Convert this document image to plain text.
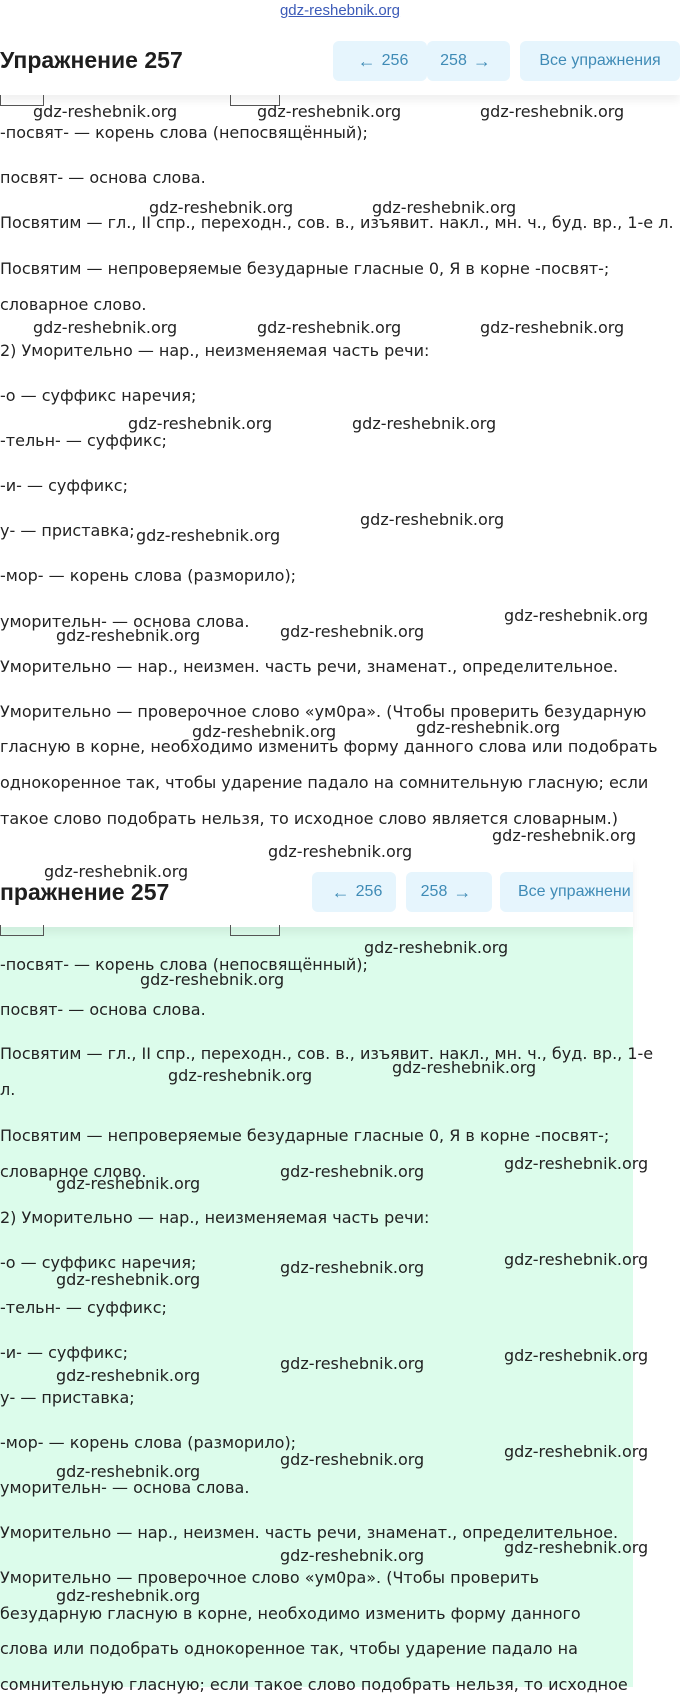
gdz-reshebnik.org
Упражнение 257	← 256 258 →	Все упражнения
-посвят- — корень слова (непосвящённый);
посвят- — основа слова.
Посвятим — гл., II спр., переходн., сов. в., изъявит. накл., мн. ч., буд. вр., 1-е л.
Посвятим — непроверяемые безударные гласные 0, Я в корне -посвят-;
словарное слово.
2) Уморительно — нар., неизменяемая часть речи:
-о — суффикс наречия;
-тельн- — суффикс;
-и- — суффикс;
у- — приставка;
-мор- — корень слова (разморило);
уморительн- — основа слова.
Уморительно — нар., неизмен. часть речи, знаменат., определительное.
Уморительно — проверочное слово «ум0ра». (Чтобы проверить безударную
гласную в корне, необходимо изменить форму данного слова или подобрать
однокоренное так, чтобы ударение падало на сомнительную гласную; если
такое слово подобрать нельзя, то исходное слово является словарным.)
пражнение 257	← 256 258 →	Все упражнени
-посвят- — корень слова (непосвящённый);
посвят- — основа слова.
Посвятим — гл., II спр., переходн., сов. в., изъявит. накл., мн. ч., буд. вр., 1-е
л.
Посвятим — непроверяемые безударные гласные 0, Я в корне -посвят-;
словарное слово.
2) Уморительно — нар., неизменяемая часть речи:
-о — суффикс наречия;
-тельн- — суффикс;
-и- — суффикс;
у- — приставка;
-мор- — корень слова (разморило);
уморительн- — основа слова.
Уморительно — нар., неизмен. часть речи, знаменат., определительное.
Уморительно — проверочное слово «ум0ра». (Чтобы проверить
безударную гласную в корне, необходимо изменить форму данного
слова или подобрать однокоренное так, чтобы ударение падало на
сомнительную гласную; если такое слово подобрать нельзя, то исходное
gdz-reshebnik.org	gdz-reshebnik.org	gdz-reshebnik.org
gdz-reshebnik.org	gdz-reshebnik.org
gdz-reshebnik.org	gdz-reshebnik.org	gdz-reshebnik.org
gdz-reshebnik.org	gdz-reshebnik.org
gdz-reshebnik.org
gdz-reshebnik.org
gdz-reshebnik.org
gdz-reshebnik.org
gdz-reshebnik.org
gdz-reshebnik.org
gdz-reshebnik.org
gdz-reshebnik.org
gdz-reshebnik.org
gdz-reshebnik.org
gdz-reshebnik.org
gdz-reshebnik.org
gdz-reshebnik.org
gdz-reshebnik.org
gdz-reshebnik.org
gdz-reshebnik.org
gdz-reshebnik.org
gdz-reshebnik.org
gdz-reshebnik.org
gdz-reshebnik.org
gdz-reshebnik.org
gdz-reshebnik.org
gdz-reshebnik.org
gdz-reshebnik.org
gdz-reshebnik.org
gdz-reshebnik.org
gdz-reshebnik.org
gdz-reshebnik.org
gdz-reshebnik.org
